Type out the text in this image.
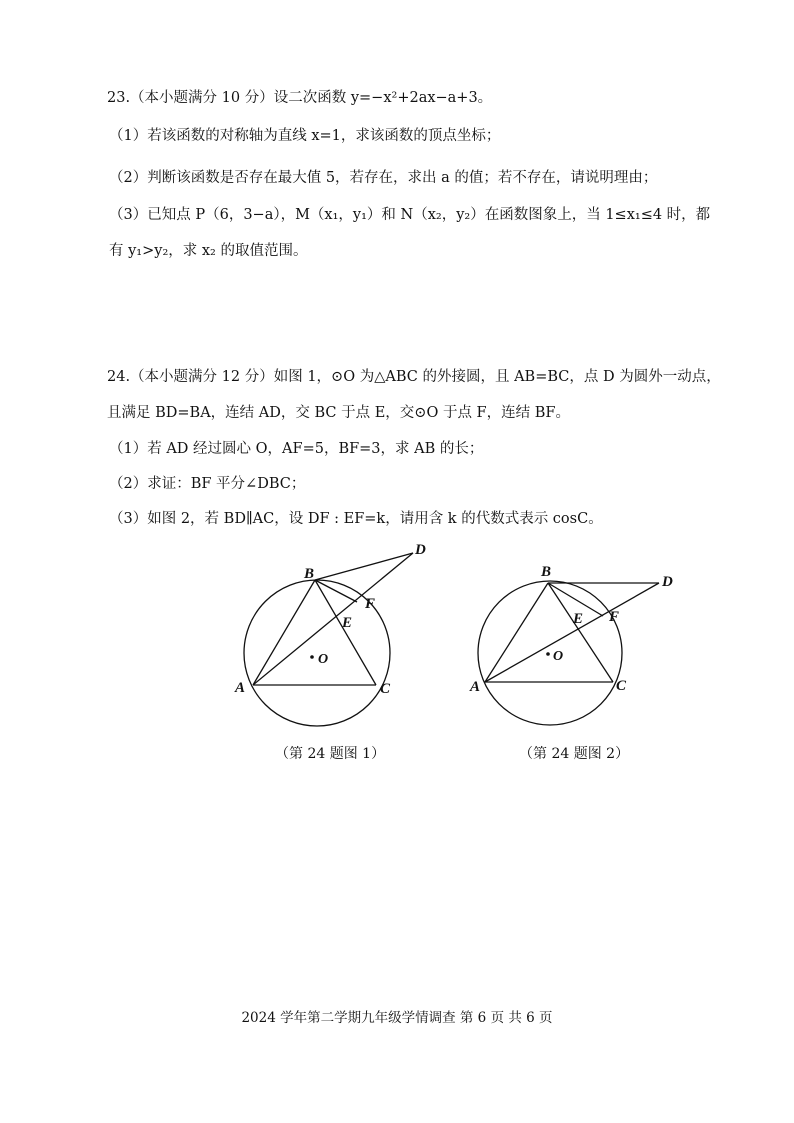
23.（本小题满分 10 分）设二次函数 y=−x²+2ax−a+3。
（1）若该函数的对称轴为直线 x=1，求该函数的顶点坐标；
（2）判断该函数是否存在最大值 5，若存在，求出 a 的值；若不存在，请说明理由；
（3）已知点 P（6，3−a），M（x₁，y₁）和 N（x₂，y₂）在函数图象上，当 1≤x₁≤4 时，都
有 y₁>y₂，求 x₂ 的取值范围。
24.（本小题满分 12 分）如图 1，⊙O 为△ABC 的外接圆，且 AB=BC，点 D 为圆外一动点，
且满足 BD=BA，连结 AD，交 BC 于点 E，交⊙O 于点 F，连结 BF。
（1）若 AD 经过圆心 O，AF=5，BF=3，求 AB 的长；
（2）求证：BF 平分∠DBC；
（3）如图 2，若 BD∥AC，设 DF : EF=k，请用含 k 的代数式表示 cosC。
B
A	C
D
E
F
O
（第 24 题图 1）
B
A	C
D
E F
O
（第 24 题图 2）
2024 学年第二学期九年级学情调查 第 6 页 共 6 页
